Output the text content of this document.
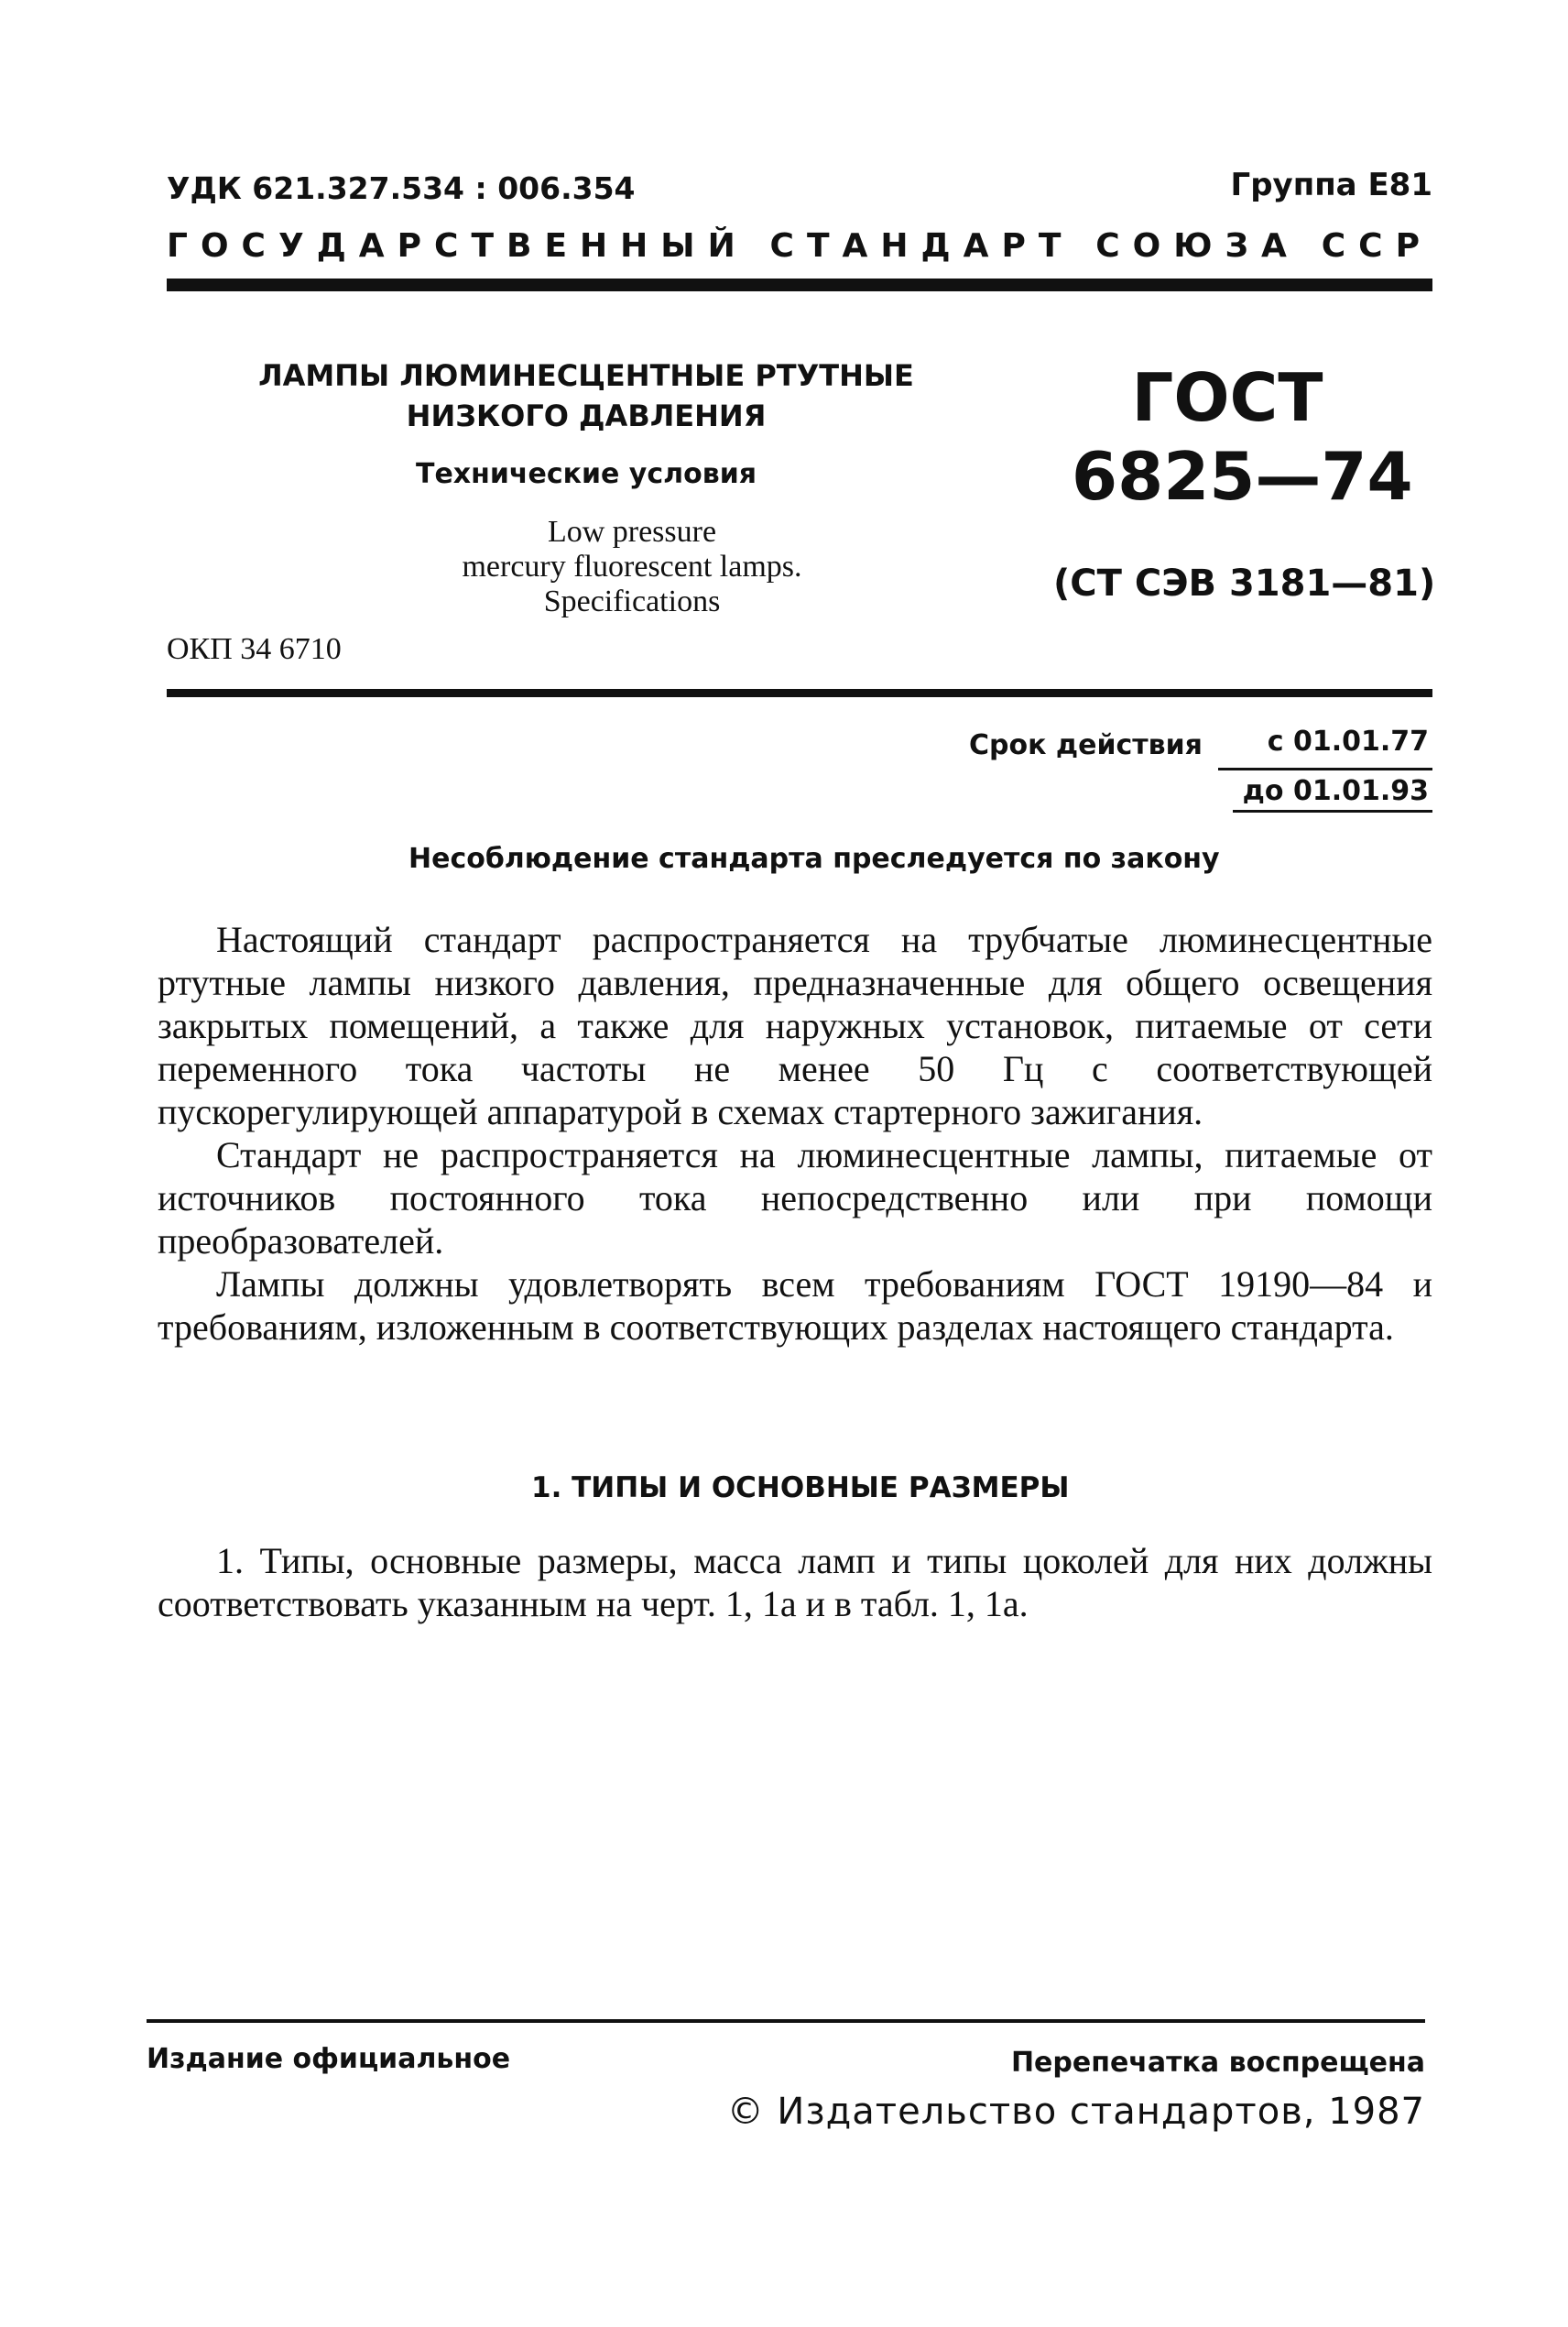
УДК 621.327.534 : 006.354	Группа Е81
ГОСУДАРСТВЕННЫЙ СТАНДАРТ СОЮЗА ССР
ЛАМПЫ ЛЮМИНЕСЦЕНТНЫЕ РТУТНЫЕ
НИЗКОГО ДАВЛЕНИЯ
Технические условия
Low pressure
mercury fluorescent lamps.
Specifications
ГОСТ
6825—74
(СТ СЭВ 3181—81)
ОКП 34 6710
Срок действия	с 01.01.77
до 01.01.93
Несоблюдение стандарта преследуется по закону

Настоящий стандарт распространяется на трубчатые люминесцентные ртутные лампы низкого давления, предназначенные для общего освещения закрытых помещений, а также для наружных установок, питаемые от сети переменного тока частоты не менее 50 Гц с соответствующей пускорегулирующей аппаратурой в схемах стартерного зажигания.

Стандарт не распространяется на люминесцентные лампы, питаемые от источников постоянного тока непосредственно или при помощи преобразователей.

Лампы должны удовлетворять всем требованиям ГОСТ 19190—84 и требованиям, изложенным в соответствующих разделах настоящего стандарта.

1. ТИПЫ И ОСНОВНЫЕ РАЗМЕРЫ
1. Типы, основные размеры, масса ламп и типы цоколей для них должны соответствовать указанным на черт. 1, 1а и в табл. 1, 1а.
Издание официальное	Перепечатка воспрещена
© Издательство стандартов, 1987
